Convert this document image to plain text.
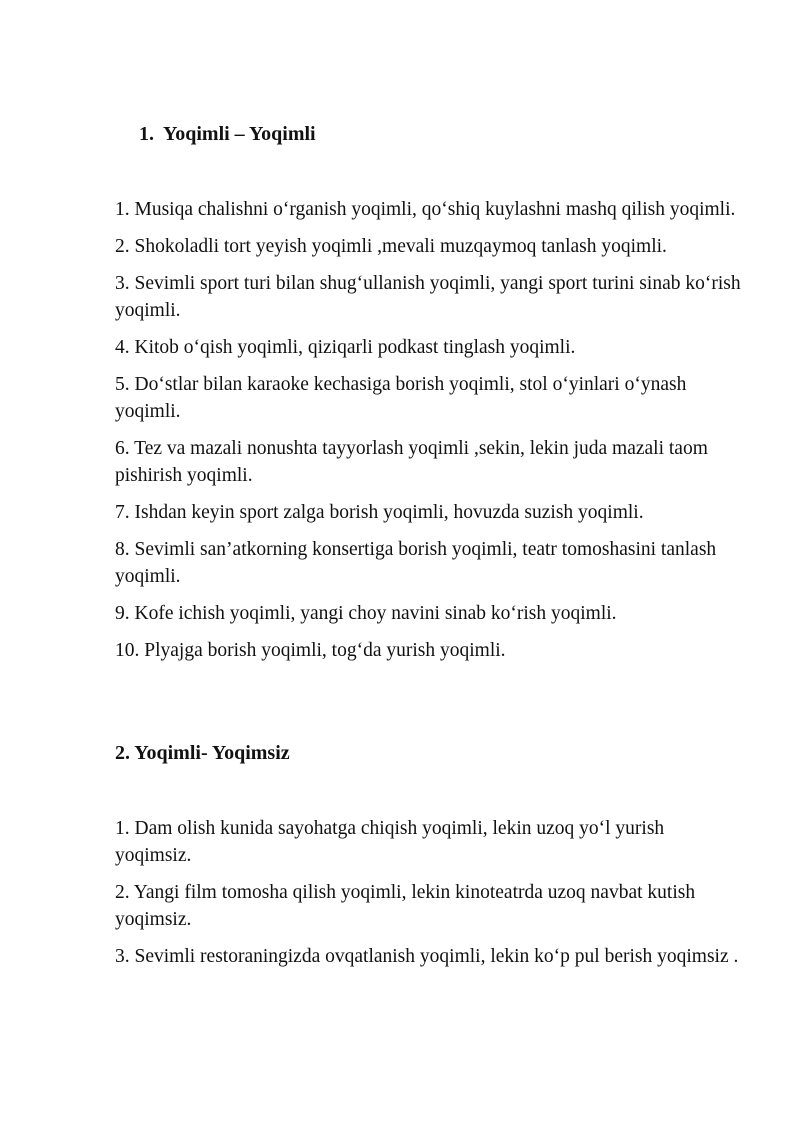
1. Yoqimli – Yoqimli
1. Musiqa chalishni o‘rganish yoqimli, qo‘shiq kuylashni mashq qilish yoqimli.
2. Shokoladli tort yeyish yoqimli ,mevali muzqaymoq tanlash yoqimli.
3. Sevimli sport turi bilan shug‘ullanish yoqimli, yangi sport turini sinab ko‘rish yoqimli.
4. Kitob o‘qish yoqimli, qiziqarli podkast tinglash yoqimli.
5. Do‘stlar bilan karaoke kechasiga borish yoqimli, stol o‘yinlari o‘ynash yoqimli.
6. Tez va mazali nonushta tayyorlash yoqimli ,sekin, lekin juda mazali taom pishirish yoqimli.
7. Ishdan keyin sport zalga borish yoqimli, hovuzda suzish yoqimli.
8. Sevimli san’atkorning konsertiga borish yoqimli, teatr tomoshasini tanlash yoqimli.
9. Kofe ichish yoqimli, yangi choy navini sinab ko‘rish yoqimli.
10. Plyajga borish yoqimli, tog‘da yurish yoqimli.
2. Yoqimli- Yoqimsiz
1. Dam olish kunida sayohatga chiqish yoqimli, lekin uzoq yo‘l yurish yoqimsiz.
2. Yangi film tomosha qilish yoqimli, lekin kinoteatrda uzoq navbat kutish yoqimsiz.
3. Sevimli restoraningizda ovqatlanish yoqimli, lekin ko‘p pul berish yoqimsiz .
